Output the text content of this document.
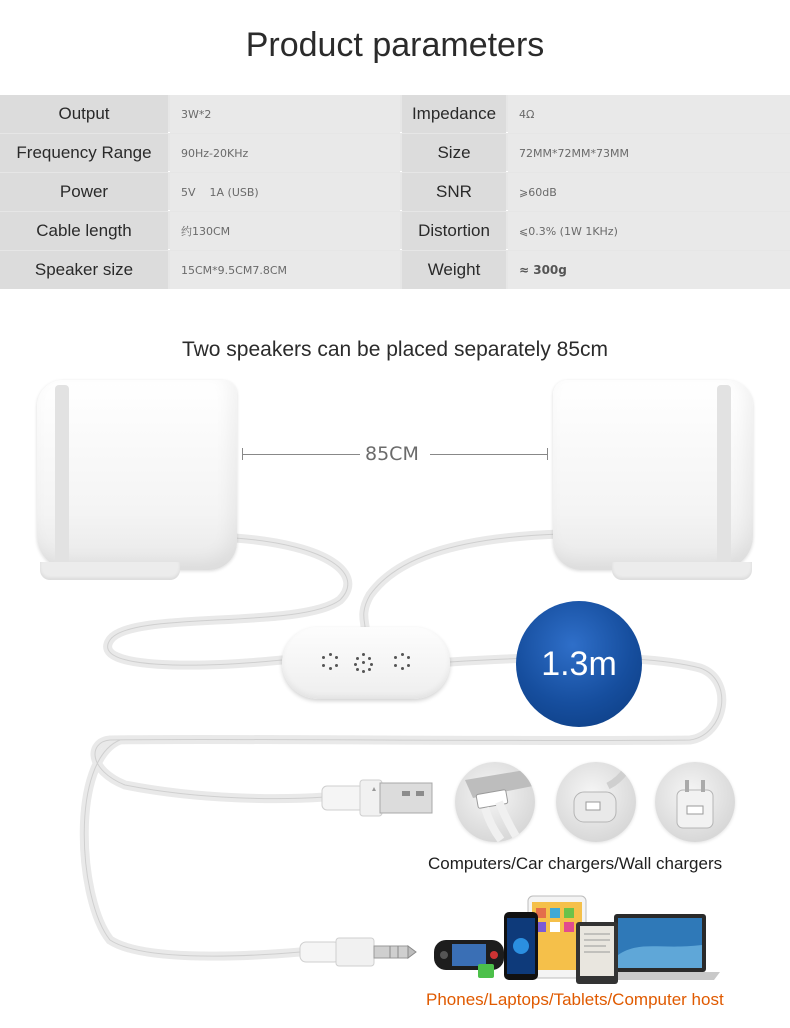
Product parameters
Output	3W*2	Impedance	4Ω
Frequency Range	90Hz-20KHz	Size	72MM*72MM*73MM
Power	5V    1A (USB)	SNR	⩾60dB
Cable length	约130CM	Distortion	⩽0.3% (1W 1KHz)
Speaker size	15CM*9.5CM7.8CM	Weight	≈ 300g
Two speakers can be placed separately 85cm
85CM
1.3m
Computers/Car chargers/Wall chargers
Phones/Laptops/Tablets/Computer host
